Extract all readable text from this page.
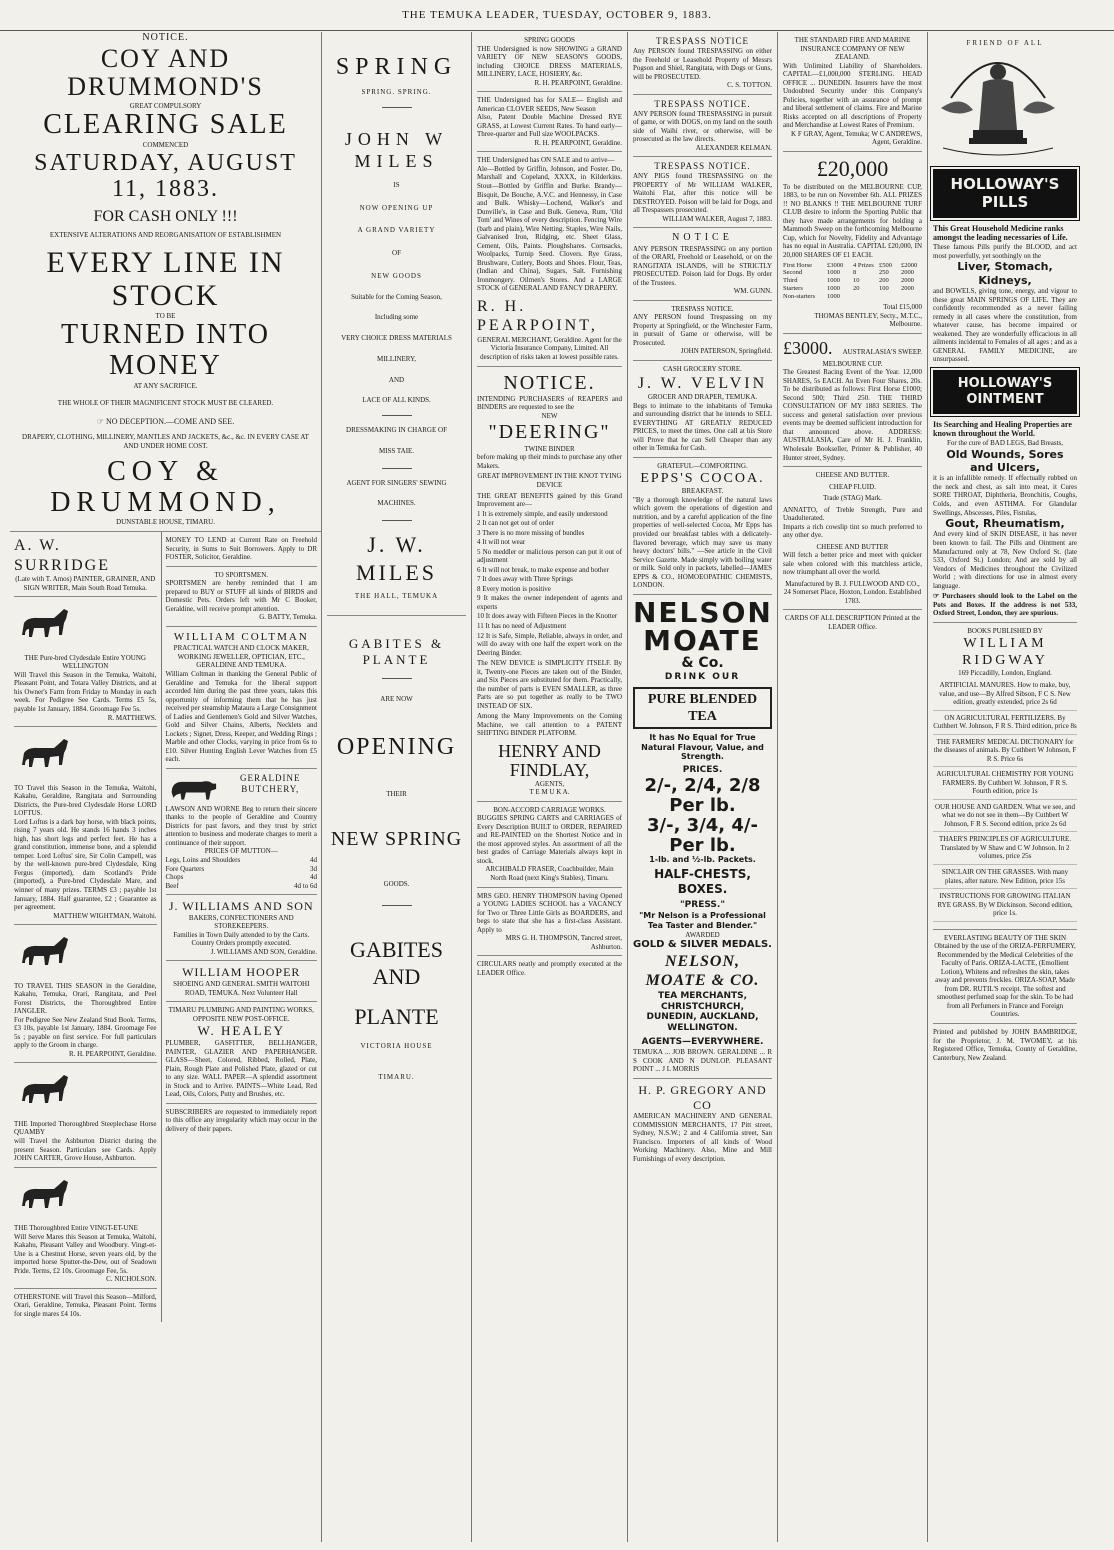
THE TEMUKA LEADER, TUESDAY, OCTOBER 9, 1883.
NOTICE.
COY AND DRUMMOND'S
GREAT COMPULSORY
CLEARING SALE
COMMENCED
SATURDAY, AUGUST 11, 1883.
FOR CASH ONLY !!!
EXTENSIVE ALTERATIONS AND REORGANISATION OF ESTABLISHMEN
EVERY LINE IN STOCK
TO BE
TURNED INTO MONEY
AT ANY SACRIFICE.
THE WHOLE OF THEIR MAGNIFICENT STOCK MUST BE CLEARED.
☞ NO DECEPTION.—COME AND SEE.
DRAPERY, CLOTHING, MILLINERY, MANTLES AND JACKETS, &c., &c. IN EVERY CASE AT AND UNDER HOME COST.
COY & DRUMMOND,
DUNSTABLE HOUSE, TIMARU.
A. W. SURRIDGE
(Late with T. Amos) PAINTER, GRAINER, AND SIGN WRITER, Main South Road Temuka.
THE Pure-bred Clydesdale Entire YOUNG WELLINGTON
Will Travel this Season in the Temuka, Waitohi, Pleasant Point, and Totara Valley Districts, and at his Owner's Farm from Friday to Monday in each week. For Pedigree See Cards. Terms £5 5s, payable 1st January, 1884. Groomage Fee 5s.
R. MATTHEWS.
TO Travel this Season in the Temuka, Waitohi, Kakahu, Geraldine, Rangitata and Surrounding Districts, the Pure-bred Clydesdale Horse LORD LOFTUS.
Lord Loftus is a dark bay horse, with black points, rising 7 years old. He stands 16 hands 3 inches high, has short legs and perfect feet. He has a grand constitution, immense bone, and a splendid temper. Lord Loftus' sire, Sir Colin Campell, was by the well-known pure-bred Clydesdale, King Fergus (imported), dam Scotland's Pride (imported), a Pure-bred Clydesdale Mare, and winner of many prizes. TERMS £3 ; payable 1st January, 1884. Half guarantee, £2 ; Guarantee as per agreement.
MATTHEW WIGHTMAN, Waitohi.
TO TRAVEL THIS SEASON in the Geraldine, Kakahu, Temuka, Orari, Rangitata, and Peel Forest Districts, the Thoroughbred Entire JANGLER.
For Pedigree See New Zealand Stud Book. Terms, £3 10s, payable 1st January, 1884. Groomage Fee 5s ; payable on first service. For full particulars apply to the Groom in charge.
R. H. PEARPOINT, Geraldine.
THE Imported Thoroughbred Steeplechase Horse QUAMBY
will Travel the Ashburton District during the present Season. Particulars see Cards. Apply JOHN CARTER, Grove House, Ashburton.
THE Thoroughbred Entire VINGT-ET-UNE
Will Serve Mares this Season at Temuka, Waitohi, Kakahu, Pleasant Valley and Woodbury. Vingt-et-Une is a Chestnut Horse, seven years old, by the imported horse Sputter-the-Dew, out of Seadown Pride. Terms, £2 10s. Groomage Fee, 5s.
C. NICHOLSON.
OTHERSTONE will Travel this Season—Milford, Orari, Geraldine, Temuka, Pleasant Point. Terms for single mares £4 10s.
MONEY TO LEND at Current Rate on Freehold Security, in Sums to Suit Borrowers. Apply to DR FOSTER, Solicitor, Geraldine.
TO SPORTSMEN.
SPORTSMEN are hereby reminded that I am prepared to BUY or STUFF all kinds of BIRDS and Domestic Pets. Orders left with Mr C Booker, Geraldine, will receive prompt attention.
G. BATTY, Temuka.
WILLIAM COLTMAN
PRACTICAL WATCH AND CLOCK MAKER, WORKING JEWELLER, OPTICIAN, ETC., GERALDINE AND TEMUKA.
William Coltman in thanking the General Public of Geraldine and Temuka for the liberal support accorded him during the past three years, takes this opportunity of informing them that he has just received per steamship Mataura a Large Consignment of Ladies and Gentlemen's Gold and Silver Watches, Gold and Silver Chains, Alberts, Necklets and Lockets ; Signet, Dress, Keeper, and Wedding Rings ; Marble and other Clocks, varying in price from 6s to £10. Silver Hunting English Lever Watches from £5 each.
GERALDINE BUTCHERY,
LAWSON AND WORNE Beg to return their sincere thanks to the people of Geraldine and Country Districts for past favors, and they trust by strict attention to business and moderate charges to merit a continuance of their support.
PRICES OF MUTTON—
Legs, Loins and Shoulders	4d
Fore Quarters	3d
Chops	4d
Beef	4d to 6d
J. WILLIAMS AND SON
BAKERS, CONFECTIONERS AND STOREKEEPERS.
Families in Town Daily attended to by the Carts. Country Orders promptly executed.
J. WILLIAMS AND SON, Geraldine.
WILLIAM HOOPER
SHOEING AND GENERAL SMITH WAITOHI ROAD, TEMUKA. Next Volunteer Hall
TIMARU PLUMBING AND PAINTING WORKS, OPPOSITE NEW POST-OFFICE.
W. HEALEY
PLUMBER, GASFITTER, BELLHANGER, PAINTER, GLAZIER AND PAPERHANGER. GLASS—Sheet, Colored, Ribbed, Rolled, Plate, Plain, Rough Plate and Polished Plate, glazed or cut to any size. WALL PAPER—A splendid assortment in Stock and to Arrive. PAINTS—White Lead, Red Lead, Oils, Colors, Putty and Brushes, etc.
SUBSCRIBERS are requested to immediately report to this office any irregularity which may occur in the delivery of their papers.
SPRING
SPRING. SPRING.
JOHN W MILES
IS
NOW OPENING UP
A GRAND VARIETY
OF
NEW GOODS
Suitable for the Coming Season,
Including some
VERY CHOICE DRESS MATERIALS
MILLINERY,
AND
LACE OF ALL KINDS.
DRESSMAKING IN CHARGE OF
MISS TAIE.
AGENT FOR SINGERS' SEWING
MACHINES.
J. W. MILES
THE HALL, TEMUKA
GABITES & PLANTE
ARE NOW
OPENING
THEIR
NEW SPRING
GOODS.
GABITES AND
PLANTE
VICTORIA HOUSE
TIMARU.
SPRING GOODS
THE Undersigned is now SHOWING a GRAND VARIETY OF NEW SEASON'S GOODS, including CHOICE DRESS MATERIALS, MILLINERY, LACE, HOSIERY, &c.
R. H. PEARPOINT, Geraldine.
THE Undersigned has for SALE— English and American CLOVER SEEDS, New Season
Also, Patent Double Machine Dressed RYE GRASS, at Lowest Current Rates. To hand early— Three-quarter and Full size WOOLPACKS.
R. H. PEARPOINT, Geraldine.
THE Undersigned has ON SALE and to arrive—
Ale—Bottled by Griffin, Johnson, and Foster. Do, Marshall and Copeland, XXXX, in Kilderkins. Stout—Bottled by Griffin and Burke. Brandy—Bisquit, De Bouche, A.V.C. and Hennessy, in Case and Bulk. Whisky—Lochend, Walker's and Dunville's, in Case and Bulk. Geneva, Rum, 'Old Tom' and Wines of every description. Fencing Wire (barb and plain), Wire Netting. Staples, Wire Nails, Galvanised Iron, Ridging, etc. Sheet Glass, Cement, Oils, Paints. Ploughshares. Cornsacks, Woolpacks, Turnip Seed. Clovers. Rye Grass, Brushware, Cutlery, Boots and Shoes. Flour, Teas, (Indian and China), Sugars, Salt. Furnishing Ironmongery. Oilmen's Stores. And a LARGE STOCK of GENERAL AND FANCY DRAPERY.
R. H. PEARPOINT,
GENERAL MERCHANT, Geraldine. Agent for the Victoria Insurance Company, Limited. All description of risks taken at lowest possible rates.
NOTICE.
INTENDING PURCHASERS of REAPERS and BINDERS are requested to see the
NEW
"DEERING"
TWINE BINDER
before making up their minds to purchase any other Makers.
GREAT IMPROVEMENT IN THE KNOT TYING DEVICE
THE GREAT BENEFITS gained by this Grand Improvement are—
1 It is extremely simple, and easily understood
2 It can not get out of order
3 There is no more missing of bundles
4 It will not wear
5 No meddler or malicious person can put it out of adjustment
6 It will not break, to make expense and bother
7 It does away with Three Springs
8 Every motion is positive
9 It makes the owner independent of agents and experts
10 It does away with Fifteen Pieces in the Knotter
11 It has no need of Adjustment
12 It is Safe, Simple, Reliable, always in order, and will do away with one half the expert work on the Deering Binder.
The NEW DEVICE is SIMPLICITY ITSELF. By it, Twenty-one Pieces are taken out of the Binder, and Six Pieces are substituted for them. Practically, the number of parts is EVEN SMALLER, as three Parts are so put together as really to be TWO INSTEAD OF SIX.
Among the Many Improvements on the Coming Machine, we call attention to a PATENT SHIFTING BINDER PLATFORM.
HENRY AND FINDLAY,
AGENTS,
T E M U K A.
BON-ACCORD CARRIAGE WORKS.
BUGGIES SPRING CARTS and CARRIAGES of Every Description BUILT to ORDER, REPAIRED and RE-PAINTED on the Shortest Notice and in the most approved styles. An assortment of all the best grades of Carriage Materials always kept in stock.
ARCHIBALD FRASER, Coachbuilder, Main North Road (next King's Stables), Timaru.
MRS GEO. HENRY THOMPSON having Opened a YOUNG LADIES SCHOOL has a VACANCY for Two or Three Little Girls as BOARDERS, and begs to state that she has a first-class Assistant. Apply to
MRS G. H. THOMPSON, Tancred street, Ashburton.
CIRCULARS neatly and promptly executed at the LEADER Office.
TRESPASS NOTICE
Any PERSON found TRESPASSING on either the Freehold or Leasehold Property of Messrs Pogson and Shiel, Rangitata, with Dogs or Guns, will be PROSECUTED.
C. S. TOTTON.
TRESPASS NOTICE.
ANY PERSON found TRESPASSING in pursuit of game, or with DOGS, on my land on the south side of Waihi river, or otherwise, will be prosecuted as the law directs.
ALEXANDER KELMAN.
TRESPASS NOTICE.
ANY PIGS found TRESPASSING on the PROPERTY of Mr WILLIAM WALKER, Waitohi Flat, after this notice will be DESTROYED. Poison will be laid for Dogs, and all Trespassers prosecuted.
WILLIAM WALKER, August 7, 1883.
NOTICE
ANY PERSON TRESPASSING on any portion of the ORARI, Freehold or Leasehold, or on the RANGITATA ISLANDS, will be STRICTLY PROSECUTED. Poison laid for Dogs. By order of the Trustees.
WM. GUNN.
TRESPASS NOTICE.
ANY PERSON found Trespassing on my Property at Springfield, or the Winchester Farm, in pursuit of Game or otherwise, will be Prosecuted.
JOHN PATERSON, Springfield.
CASH GROCERY STORE.
J. W. VELVIN
GROCER AND DRAPER, TEMUKA.
Begs to intimate to the inhabitants of Temuka and surrounding district that he intends to SELL EVERYTHING AT GREATLY REDUCED PRICES, to meet the times. One call at his Store will Prove that he can Sell Cheaper than any other in Temuka for Cash.
GRATEFUL—COMFORTING.
EPPS'S COCOA.
BREAKFAST.
"By a thorough knowledge of the natural laws which govern the operations of digestion and nutrition, and by a careful application of the fine properties of well-selected Cocoa, Mr Epps has provided our breakfast tables with a delicately-flavored beverage, which may save us many heavy doctors' bills." —See article in the Civil Service Gazette. Made simply with boiling water or milk. Sold only in packets, labelled—JAMES EPPS & CO., HOMOEOPATHIC CHEMISTS, LONDON.
NELSON
MOATE
& Co.
DRINK OUR
PURE BLENDED TEA
It has No Equal for True Natural Flavour, Value, and Strength.
PRICES.
2/-, 2/4, 2/8 Per lb.
3/-, 3/4, 4/- Per lb.
1-lb. and ½-lb. Packets.
HALF-CHESTS, BOXES.
"PRESS."
"Mr Nelson is a Professional Tea Taster and Blender."
AWARDED
GOLD & SILVER MEDALS.
NELSON, MOATE & CO.
TEA MERCHANTS,
CHRISTCHURCH,
DUNEDIN, AUCKLAND,
WELLINGTON.
AGENTS—EVERYWHERE.
TEMUKA ... JOB BROWN. GERALDINE ... R S COOK AND N DUNLOP. PLEASANT POINT ... J L MORRIS
H. P. GREGORY AND CO
AMERICAN MACHINERY AND GENERAL COMMISSION MERCHANTS, 17 Pitt street, Sydney, N.S.W.; 2 and 4 California street, San Francisco. Importers of all kinds of Wood Working Machinery. Also, Mine and Mill Furnishings of every description.
THE STANDARD FIRE AND MARINE INSURANCE COMPANY OF NEW ZEALAND.
With Unlimited Liability of Shareholders. CAPITAL—£1,000,000 STERLING. HEAD OFFICE ... DUNEDIN. Insurers have the most Undoubted Security under this Company's Policies, together with an assurance of prompt and liberal settlement of claims. Fire and Marine Risks accepted on all descriptions of Property and Merchandise at Lowest Rates of Premium.
K F GRAY, Agent, Temuka; W C ANDREWS, Agent, Geraldine.
£20,000
To be distributed on the MELBOURNE CUP, 1883, to be run on November 6th. ALL PRIZES !! NO BLANKS !! THE MELBOURNE TURF CLUB desire to inform the Sporting Public that they have made arrangements for holding a Mammoth Sweep on the forthcoming Melbourne Cup, which for Novelty, Fidelity and Advantage has no equal in Australia. CAPITAL £20,000, IN 20,000 SHARES OF £1 EACH.
First Horse	£3000	4 Prizes £500	£2000
Second	1000	8	250	2000
Third	1000	10	200	2000
Starters	1000	20	100	2000
Non-starters	1000
Total £15,000
THOMAS BENTLEY, Secty., M.T.C., Melbourne.
£3000. AUSTRALASIA'S SWEEP.
MELBOURNE CUP.
The Greatest Racing Event of the Year. 12,000 SHARES, 5s EACH. An Even Four Shares, 20s. To be distributed as follows: First Horse £1000; Second 500; Third 250. THE THIRD CONSULTATION OF MY 1883 SERIES. The success and general satisfaction over previous events may be deemed sufficient introduction for that announced above. ADDRESS: AUSTRALASIA, Care of Mr H. J. Franklin, Wholesale Bookseller, Printer & Publisher, 40 Hunter street, Sydney.
CHEESE AND BUTTER.
CHEAP FLUID.
Trade (STAG) Mark.
ANNATTO, of Treble Strength, Pure and Unadulterated.
Imparts a rich cowslip tint so much preferred to any other dye.
CHEESE AND BUTTER
Will fetch a better price and meet with quicker sale when colored with this matchless article, now triumphant all over the world.
Manufactured by B. J. FULLWOOD AND CO., 24 Somerset Place, Hoxton, London. Established 1783.
CARDS OF ALL DESCRIPTION Printed at the LEADER Office.
FRIEND OF ALL
HOLLOWAY'S PILLS
This Great Household Medicine ranks amongst the leading necessaries of Life.
These famous Pills purify the BLOOD, and act most powerfully, yet soothingly on the
Liver, Stomach, Kidneys,
and BOWELS, giving tone, energy, and vigour to these great MAIN SPRINGS OF LIFE. They are confidently recommended as a never failing remedy in all cases where the constitution, from whatever cause, has become impaired or weakened. They are wonderfully efficacious in all ailments incidental to Females of all ages ; and as a GENERAL FAMILY MEDICINE, are unsurpassed.
HOLLOWAY'S OINTMENT
Its Searching and Healing Properties are known throughout the World.
For the cure of BAD LEGS, Bad Breasts,
Old Wounds, Sores and Ulcers,
it is an infallible remedy. If effectually rubbed on the neck and chest, as salt into meat, it Cures SORE THROAT, Diphtheria, Bronchitis, Coughs, Colds, and even ASTHMA. For Glandular Swellings, Abscesses, Piles, Fistulas,
Gout, Rheumatism,
And every kind of SKIN DISEASE, it has never been known to fail. The Pills and Ointment are Manufactured only at 78, New Oxford St. (late 533, Oxford St.) London; And are sold by all Vendors of Medicines throughout the Civilized World ; with directions for use in almost every language.
☞ Purchasers should look to the Label on the Pots and Boxes. If the address is not 533, Oxford Street, London, they are spurious.
BOOKS PUBLISHED BY
WILLIAM RIDGWAY
169 Piccadilly, London, England.
ARTIFICIAL MANURES. How to make, buy, value, and use—By Alfred Sibson, F C S. New edition, greatly extended, price 2s 6d
ON AGRICULTURAL FERTILIZERS. By Cuthbert W. Johnson, F R S. Third edition, price 8s
THE FARMERS' MEDICAL DICTIONARY for the diseases of animals. By Cuthbert W Johnson, F R S. Price 6s
AGRICULTURAL CHEMISTRY FOR YOUNG FARMERS. By Cuthbert W. Johnson, F R S. Fourth edition, price 1s
OUR HOUSE AND GARDEN. What we see, and what we do not see in them—By Cuthbert W Johnson, F R S. Second edition, price 2s 6d
THAER'S PRINCIPLES OF AGRICULTURE. Translated by W Shaw and C W Johnson. In 2 volumes, price 25s
SINCLAIR ON THE GRASSES. With many plates, after nature. New Edition, price 15s
INSTRUCTIONS FOR GROWING ITALIAN RYE GRASS. By W Dickinson. Second edition, price 1s.
EVERLASTING BEAUTY OF THE SKIN
Obtained by the use of the ORIZA-PERFUMERY, Recommended by the Medical Celebrities of the Faculty of Paris. ORIZA-LACTE, (Emollient Lotion), Whitens and refreshes the skin, takes away and prevents freckles. ORIZA-SOAP, Made from DR. RUTIL'S receipt. The softest and smoothest perfumed soap for the skin. To be had from all Perfumers in France and Foreign Countries.
Printed and published by JOHN BAMBRIDGE, for the Proprietor, J. M. TWOMEY, at his Registered Office, Temuka, County of Geraldine, Canterbury, New Zealand.
